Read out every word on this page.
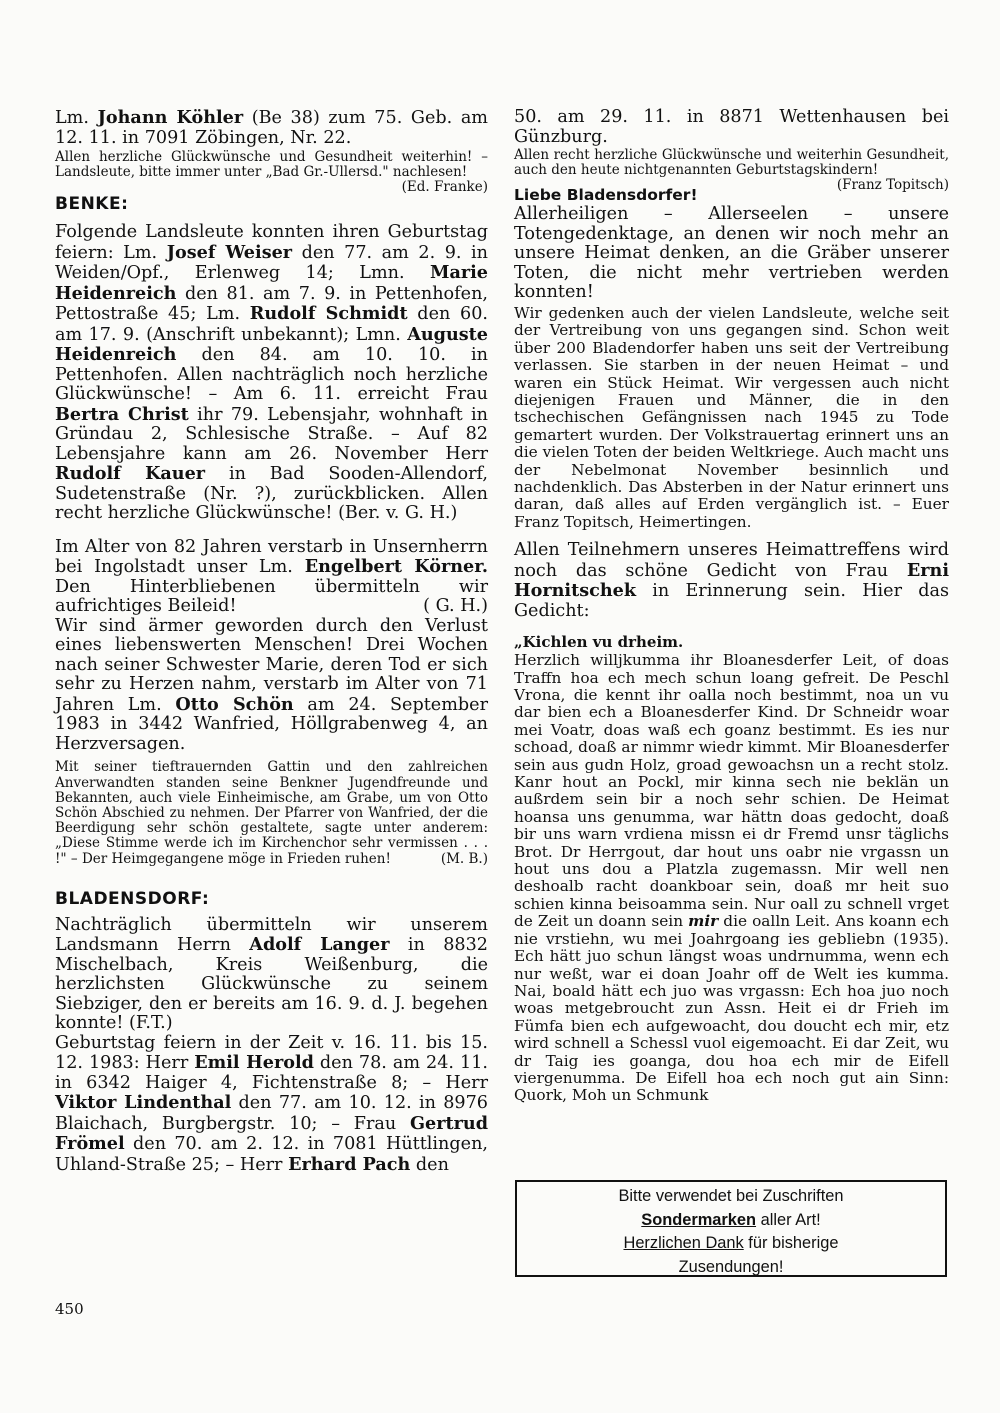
Lm. Johann Köhler (Be 38) zum 75. Geb. am 12. 11. in 7091 Zöbingen, Nr. 22.

Allen herzliche Glückwünsche und Gesundheit weiterhin! – Landsleute, bitte immer unter „Bad Gr.-Ullersd." nachlesen!
(Ed. Franke)

BENKE:

Folgende Landsleute konnten ihren Geburtstag feiern: Lm. Josef Weiser den 77. am 2. 9. in Weiden/Opf., Erlenweg 14; Lmn. Marie Heidenreich den 81. am 7. 9. in Pettenhofen, Pettostraße 45; Lm. Rudolf Schmidt den 60. am 17. 9. (Anschrift unbekannt); Lmn. Auguste Heidenreich den 84. am 10. 10. in Pettenhofen. Allen nachträglich noch herzliche Glückwünsche! – Am 6. 11. erreicht Frau Bertra Christ ihr 79. Lebensjahr, wohnhaft in Gründau 2, Schlesische Straße. – Auf 82 Lebensjahre kann am 26. November Herr Rudolf Kauer in Bad Sooden-Allendorf, Sudetenstraße (Nr. ?), zurückblicken. Allen recht herzliche Glückwünsche! (Ber. v. G. H.)

Im Alter von 82 Jahren verstarb in Unsernherrn bei Ingolstadt unser Lm. Engelbert Körner. Den Hinterbliebenen übermitteln wir aufrichtiges Beileid!	( G. H.)

Wir sind ärmer geworden durch den Verlust eines liebenswerten Menschen! Drei Wochen nach seiner Schwester Marie, deren Tod er sich sehr zu Herzen nahm, verstarb im Alter von 71 Jahren Lm. Otto Schön am 24. September 1983 in 3442 Wanfried, Höllgrabenweg 4, an Herzversagen.

Mit seiner tieftrauernden Gattin und den zahlreichen Anverwandten standen seine Benkner Jugendfreunde und Bekannten, auch viele Einheimische, am Grabe, um von Otto Schön Abschied zu nehmen. Der Pfarrer von Wanfried, der die Beerdigung sehr schön gestaltete, sagte unter anderem: „Diese Stimme werde ich im Kirchenchor sehr vermissen . . . !" – Der Heimgegangene möge in Frieden ruhen!	(M. B.)

BLADENSDORF:

Nachträglich übermitteln wir unserem Landsmann Herrn Adolf Langer in 8832 Mischelbach, Kreis Weißenburg, die herzlichsten Glückwünsche zu seinem Siebziger, den er bereits am 16. 9. d. J. begehen konnte! (F.T.)

Geburtstag feiern in der Zeit v. 16. 11. bis 15. 12. 1983: Herr Emil Herold den 78. am 24. 11. in 6342 Haiger 4, Fichtenstraße 8; – Herr Viktor Lindenthal den 77. am 10. 12. in 8976 Blaichach, Burgbergstr. 10; – Frau Gertrud Frömel den 70. am 2. 12. in 7081 Hüttlingen, Uhland-Straße 25; – Herr Erhard Pach den

50. am 29. 11. in 8871 Wettenhausen bei Günzburg.

Allen recht herzliche Glückwünsche und weiterhin Gesundheit, auch den heute nichtgenannten Geburtstagskindern!
(Franz Topitsch)

Liebe Bladensdorfer!

Allerheiligen – Allerseelen – unsere Totengedenktage, an denen wir noch mehr an unsere Heimat denken, an die Gräber unserer Toten, die nicht mehr vertrieben werden konnten!

Wir gedenken auch der vielen Landsleute, welche seit der Vertreibung von uns gegangen sind. Schon weit über 200 Bladendorfer haben uns seit der Vertreibung verlassen. Sie starben in der neuen Heimat – und waren ein Stück Heimat. Wir vergessen auch nicht diejenigen Frauen und Männer, die in den tschechischen Gefängnissen nach 1945 zu Tode gemartert wurden. Der Volkstrauertag erinnert uns an die vielen Toten der beiden Weltkriege. Auch macht uns der Nebelmonat November besinnlich und nachdenklich. Das Absterben in der Natur erinnert uns daran, daß alles auf Erden vergänglich ist. – Euer Franz Topitsch, Heimertingen.

Allen Teilnehmern unseres Heimattreffens wird noch das schöne Gedicht von Frau Erni Hornitschek in Erinnerung sein. Hier das Gedicht:

„Kichlen vu drheim.

Herzlich willjkumma ihr Bloanesderfer Leit, of doas Traffn hoa ech mech schun loang gefreit. De Peschl Vrona, die kennt ihr oalla noch bestimmt, noa un vu dar bien ech a Bloanesderfer Kind. Dr Schneidr woar mei Voatr, doas waß ech goanz bestimmt. Es ies nur schoad, doaß ar nimmr wiedr kimmt. Mir Bloanesderfer sein aus gudn Holz, groad gewoachsn un a recht stolz. Kanr hout an Pockl, mir kinna sech nie beklän un außrdem sein bir a noch sehr schien. De Heimat hoansa uns genumma, war hättn doas gedocht, doaß bir uns warn vrdiena missn ei dr Fremd unsr täglichs Brot. Dr Herrgout, dar hout uns oabr nie vrgassn un hout uns dou a Platzla zugemassn. Mir well nen deshoalb racht doankboar sein, doaß mr heit suo schien kinna beisoamma sein. Nur oall zu schnell vrget de Zeit un doann sein mir die oalln Leit. Ans koann ech nie vrstiehn, wu mei Joahrgoang ies gebliebn (1935). Ech hätt juo schun längst woas undrnumma, wenn ech nur weßt, war ei doan Joahr off de Welt ies kumma. Nai, boald hätt ech juo was vrgassn: Ech hoa juo noch woas metgebroucht zun Assn. Heit ei dr Frieh im Fümfa bien ech aufgewoacht, dou doucht ech mir, etz wird schnell a Schessl vuol eigemoacht. Ei dar Zeit, wu dr Taig ies goanga, dou hoa ech mir de Eifell viergenumma. De Eifell hoa ech noch gut ain Sinn: Quork, Moh un Schmunk

Bitte verwendet bei Zuschriften
Sondermarken aller Art!
Herzlichen Dank für bisherige
Zusendungen!
450
